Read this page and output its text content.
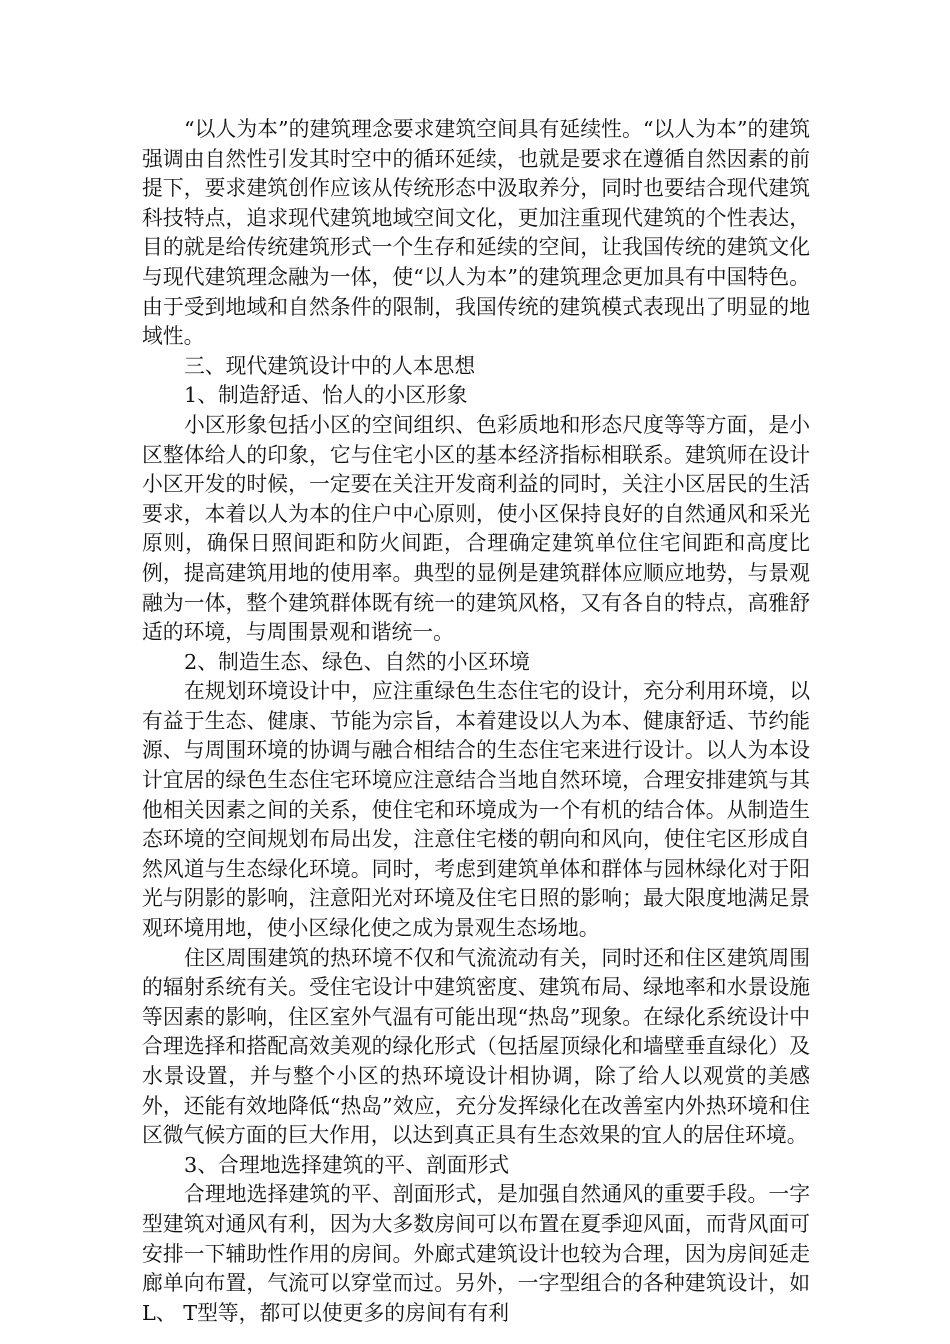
“以人为本”的建筑理念要求建筑空间具有延续性。“以人为本”的建筑强调由自然性引发其时空中的循环延续，也就是要求在遵循自然因素的前提下，要求建筑创作应该从传统形态中汲取养分，同时也要结合现代建筑科技特点，追求现代建筑地域空间文化，更加注重现代建筑的个性表达，目的就是给传统建筑形式一个生存和延续的空间，让我国传统的建筑文化与现代建筑理念融为一体，使“以人为本”的建筑理念更加具有中国特色。由于受到地域和自然条件的限制，我国传统的建筑模式表现出了明显的地域性。

三、现代建筑设计中的人本思想

1、制造舒适、怡人的小区形象

小区形象包括小区的空间组织、色彩质地和形态尺度等等方面，是小区整体给人的印象，它与住宅小区的基本经济指标相联系。建筑师在设计小区开发的时候，一定要在关注开发商利益的同时，关注小区居民的生活要求，本着以人为本的住户中心原则，使小区保持良好的自然通风和采光原则，确保日照间距和防火间距，合理确定建筑单位住宅间距和高度比例，提高建筑用地的使用率。典型的显例是建筑群体应顺应地势，与景观融为一体，整个建筑群体既有统一的建筑风格，又有各自的特点，高雅舒适的环境，与周围景观和谐统一。

2、制造生态、绿色、自然的小区环境

在规划环境设计中，应注重绿色生态住宅的设计，充分利用环境，以有益于生态、健康、节能为宗旨，本着建设以人为本、健康舒适、节约能源、与周围环境的协调与融合相结合的生态住宅来进行设计。以人为本设计宜居的绿色生态住宅环境应注意结合当地自然环境，合理安排建筑与其他相关因素之间的关系，使住宅和环境成为一个有机的结合体。从制造生态环境的空间规划布局出发，注意住宅楼的朝向和风向，使住宅区形成自然风道与生态绿化环境。同时，考虑到建筑单体和群体与园林绿化对于阳光与阴影的影响，注意阳光对环境及住宅日照的影响；最大限度地满足景观环境用地，使小区绿化使之成为景观生态场地。

住区周围建筑的热环境不仅和气流流动有关，同时还和住区建筑周围的辐射系统有关。受住宅设计中建筑密度、建筑布局、绿地率和水景设施等因素的影响，住区室外气温有可能出现“热岛”现象。在绿化系统设计中合理选择和搭配高效美观的绿化形式（包括屋顶绿化和墙壁垂直绿化）及水景设置，并与整个小区的热环境设计相协调，除了给人以观赏的美感外，还能有效地降低“热岛”效应，充分发挥绿化在改善室内外热环境和住区微气候方面的巨大作用，以达到真正具有生态效果的宜人的居住环境。

3、合理地选择建筑的平、剖面形式

合理地选择建筑的平、剖面形式，是加强自然通风的重要手段。一字型建筑对通风有利，因为大多数房间可以布置在夏季迎风面，而背风面可安排一下辅助性作用的房间。外廊式建筑设计也较为合理，因为房间延走廊单向布置，气流可以穿堂而过。另外，一字型组合的各种建筑设计，如 L、 T型等，都可以使更多的房间有有利
